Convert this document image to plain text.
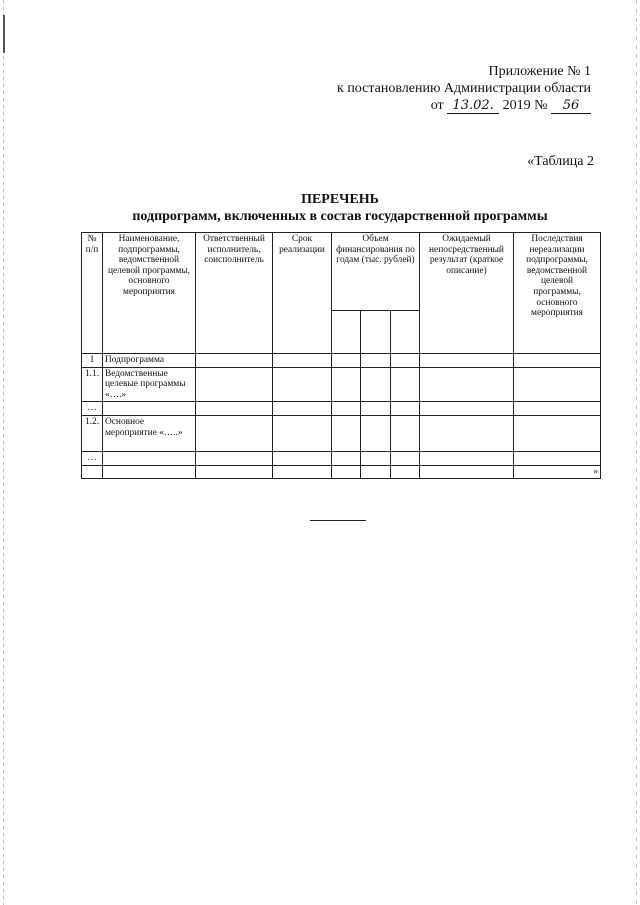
Приложение № 1
к постановлению Администрации области
от 13.02. 2019 № 56
«Таблица 2
ПЕРЕЧЕНЬ
подпрограмм, включенных в состав государственной программы
№ п/п	Наименование, подпрограммы, ведомственной целевой программы, основного мероприятия	Ответственный исполнитель, соисполнитель	Срок реализации	Объем финансирования по годам (тыс. рублей)			Ожидаемый непосредственный результат (краткое описание)	Последствия нереализации подпрограммы, ведомственной целевой программы, основного мероприятия

1	Подпрограмма							
1.1.	Ведомственные целевые программы «….»							
…								
1.2.	Основное мероприятие «…..»							
…								
								»
